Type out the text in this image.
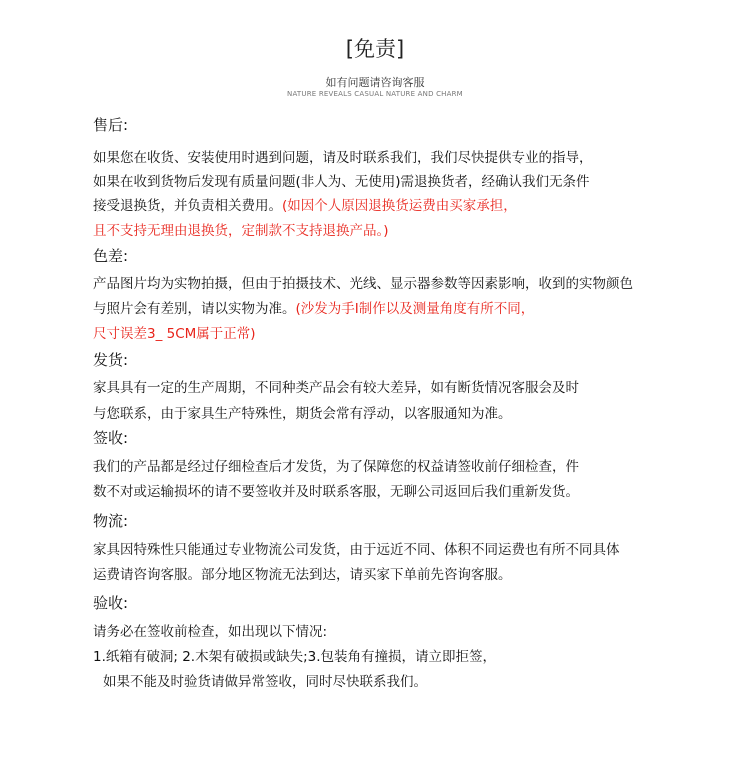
[免责]
如有问题请咨询客服
NATURE REVEALS CASUAL NATURE AND CHARM
售后:
如果您在收货、安装使用时遇到问题，请及时联系我们，我们尽快提供专业的指导，
如果在收到货物后发现有质量问题(非人为、无使用)需退换货者，经确认我们无条件
接受退换货，并负责相关费用。(如因个人原因退换货运费由买家承担，
且不支持无理由退换货，定制款不支持退换产品。)
色差:
产品图片均为实物拍摄，但由于拍摄技术、光线、显示器参数等因素影响，收到的实物颜色
与照片会有差别，请以实物为准。(沙发为手I制作以及测量角度有所不同，
尺寸误差3_ 5CM属于正常)
发货:
家具具有一定的生产周期，不同种类产品会有较大差异，如有断货情况客服会及时
与您联系，由于家具生产特殊性，期货会常有浮动，以客服通知为准。
签收:
我们的产品都是经过仔细检查后才发货，为了保障您的权益请签收前仔细检查，件
数不对或运输损坏的请不要签收并及时联系客服，无聊公司返回后我们重新发货。
物流:
家具因特殊性只能通过专业物流公司发货，由于远近不同、体积不同运费也有所不同具体
运费请咨询客服。部分地区物流无法到达，请买家下单前先咨询客服。
验收:
请务必在签收前检查，如出现以下情况:
1.纸箱有破洞; 2.木架有破损或缺失;3.包装角有撞损，请立即拒签，
如果不能及时验货请做异常签收，同时尽快联系我们。
